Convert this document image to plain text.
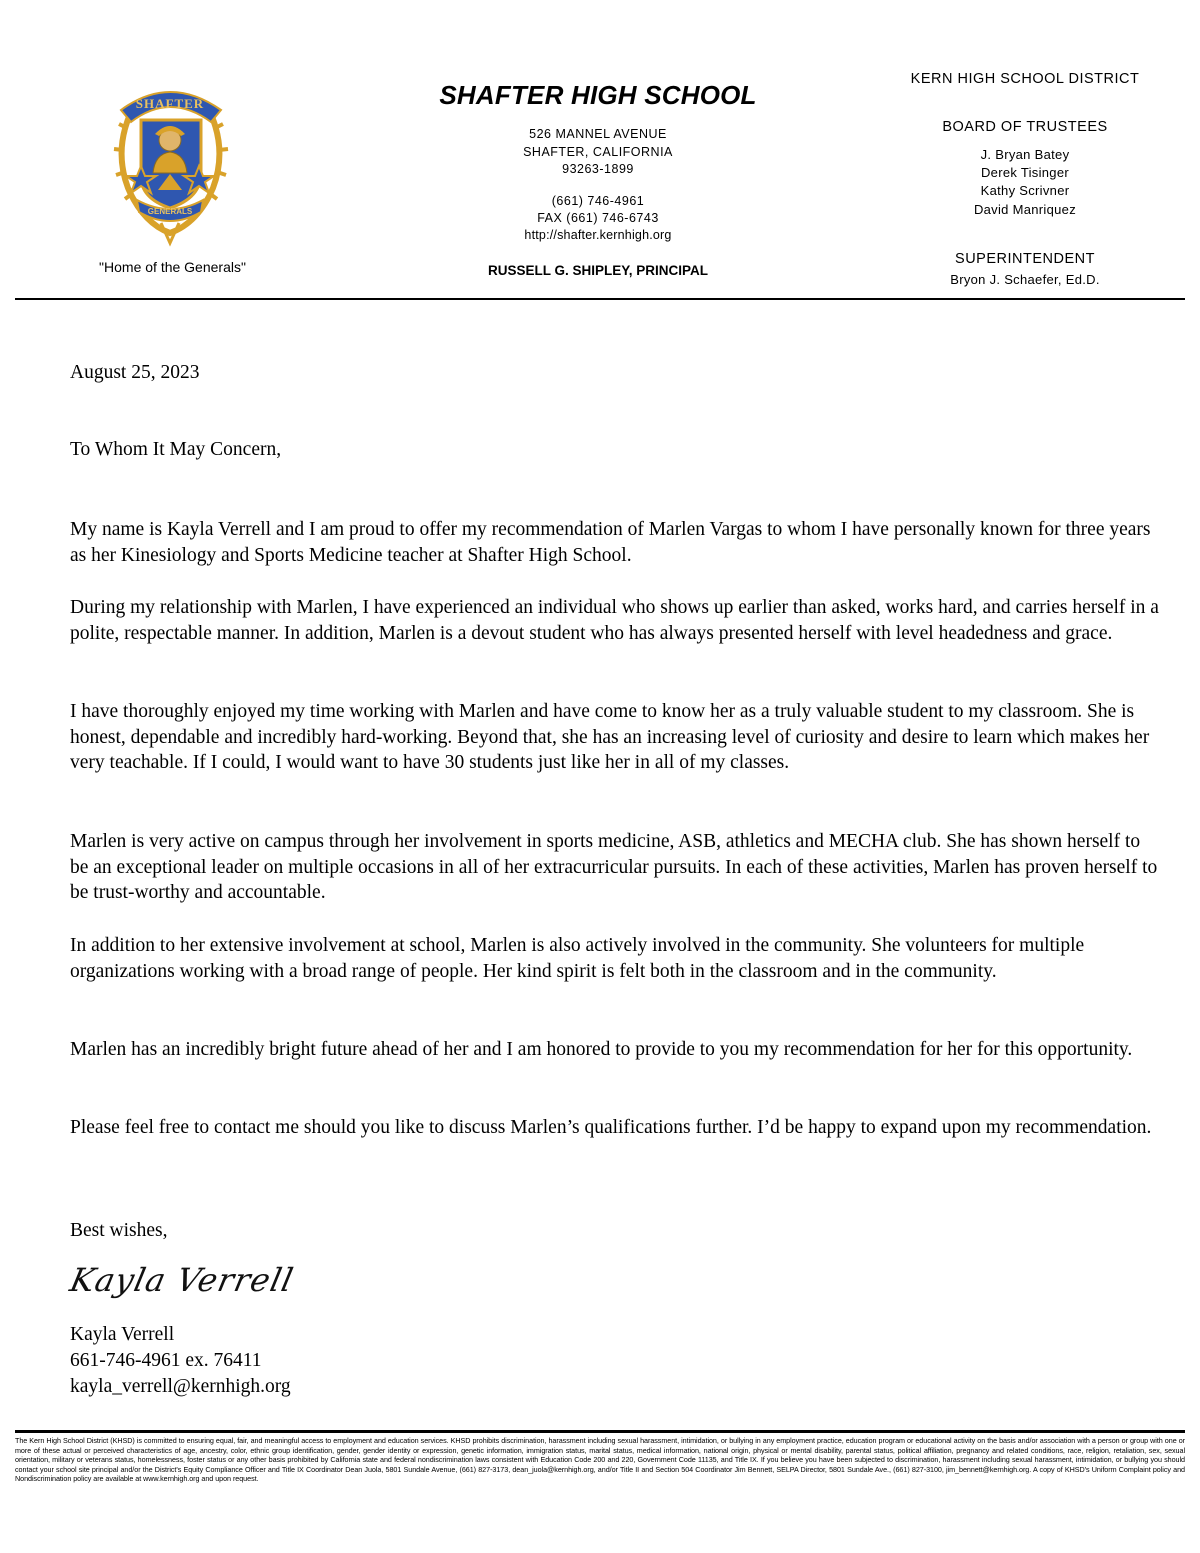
SHAFTER
GENERALS
"Home of the Generals"
SHAFTER HIGH SCHOOL
526 MANNEL AVENUE
SHAFTER, CALIFORNIA
93263-1899
(661) 746-4961
FAX (661) 746-6743
http://shafter.kernhigh.org
RUSSELL G. SHIPLEY, PRINCIPAL
KERN HIGH SCHOOL DISTRICT
BOARD OF TRUSTEES
J. Bryan Batey
Derek Tisinger
Kathy Scrivner
David Manriquez
SUPERINTENDENT
Bryon J. Schaefer, Ed.D.
August 25, 2023
To Whom It May Concern,

My name is Kayla Verrell and I am proud to offer my recommendation of Marlen Vargas to whom I have personally known for three years as her Kinesiology and Sports Medicine teacher at Shafter High School.

During my relationship with Marlen, I have experienced an individual who shows up earlier than asked, works hard, and carries herself in a polite, respectable manner. In addition, Marlen is a devout student who has always presented herself with level headedness and grace.

I have thoroughly enjoyed my time working with Marlen and have come to know her as a truly valuable student to my classroom. She is honest, dependable and incredibly hard-working. Beyond that, she has an increasing level of curiosity and desire to learn which makes her very teachable. If I could, I would want to have 30 students just like her in all of my classes.

Marlen is very active on campus through her involvement in sports medicine, ASB, athletics and MECHA club. She has shown herself to be an exceptional leader on multiple occasions in all of her extracurricular pursuits. In each of these activities, Marlen has proven herself to be trust-worthy and accountable.

In addition to her extensive involvement at school, Marlen is also actively involved in the community. She volunteers for multiple organizations working with a broad range of people. Her kind spirit is felt both in the classroom and in the community.

Marlen has an incredibly bright future ahead of her and I am honored to provide to you my recommendation for her for this opportunity.

Please feel free to contact me should you like to discuss Marlen’s qualifications further. I’d be happy to expand upon my recommendation.

Best wishes,
Kayla Verrell
Kayla Verrell
661-746-4961 ex. 76411
kayla_verrell@kernhigh.org
The Kern High School District (KHSD) is committed to ensuring equal, fair, and meaningful access to employment and education services. KHSD prohibits discrimination, harassment including sexual harassment, intimidation, or bullying in any employment practice, education program or educational activity on the basis and/or association with a person or group with one or more of these actual or perceived characteristics of age, ancestry, color, ethnic group identification, gender, gender identity or expression, genetic information, immigration status, marital status, medical information, national origin, physical or mental disability, parental status, political affiliation, pregnancy and related conditions, race, religion, retaliation, sex, sexual orientation, military or veterans status, homelessness, foster status or any other basis prohibited by California state and federal nondiscrimination laws consistent with Education Code 200 and 220, Government Code 11135, and Title IX. If you believe you have been subjected to discrimination, harassment including sexual harassment, intimidation, or bullying you should contact your school site principal and/or the District's Equity Compliance Officer and Title IX Coordinator Dean Juola, 5801 Sundale Avenue, (661) 827-3173, dean_juola@kernhigh.org, and/or Title II and Section 504 Coordinator Jim Bennett, SELPA Director, 5801 Sundale Ave., (661) 827-3100, jim_bennett@kernhigh.org. A copy of KHSD's Uniform Complaint policy and Nondiscrimination policy are available at www.kernhigh.org and upon request.
